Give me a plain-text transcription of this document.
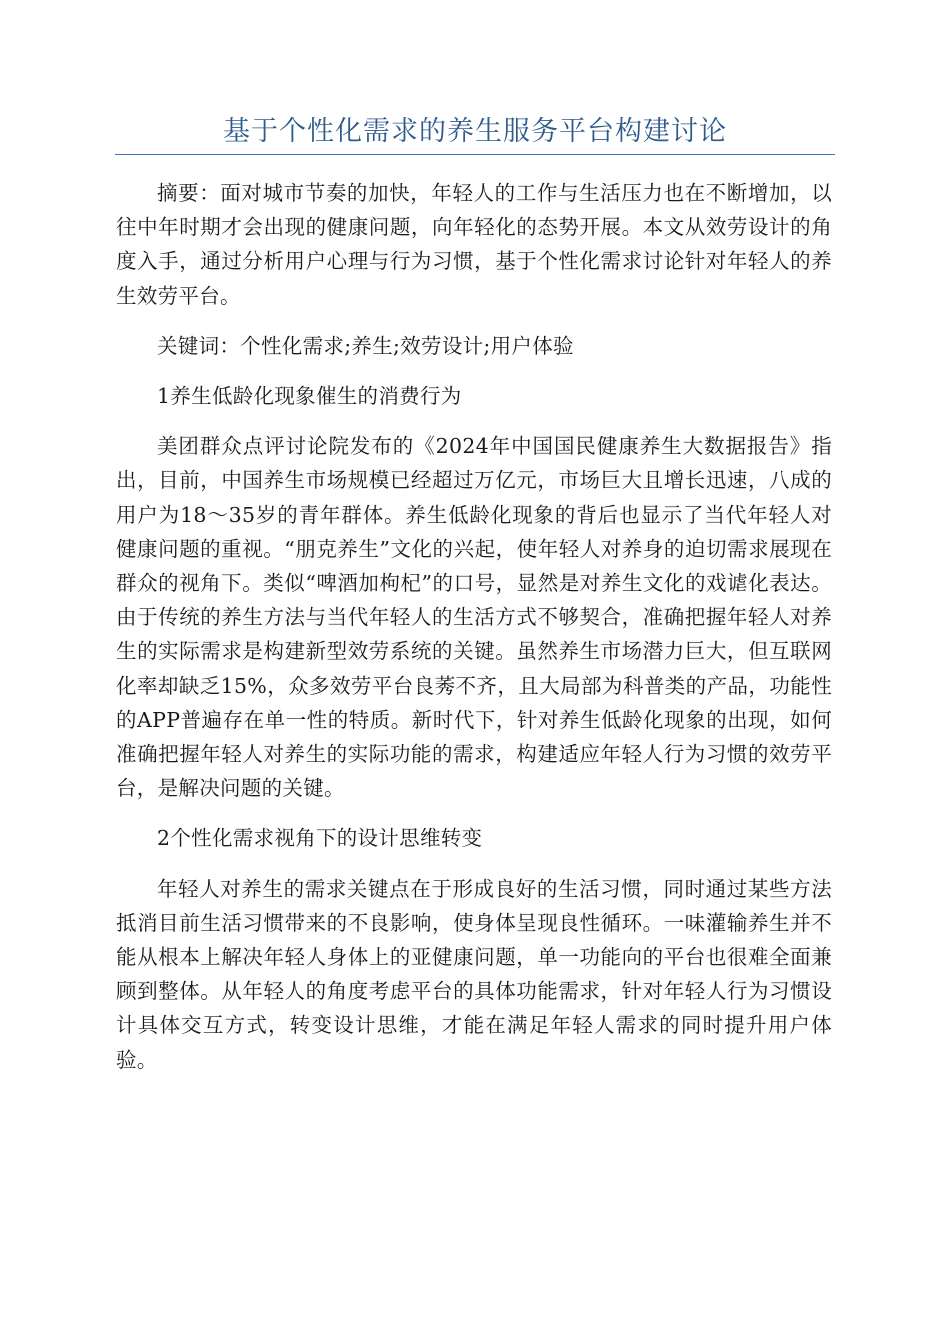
基于个性化需求的养生服务平台构建讨论

摘要：面对城市节奏的加快，年轻人的工作与生活压力也在不断增加，以往中年时期才会出现的健康问题，向年轻化的态势开展。本文从效劳设计的角度入手，通过分析用户心理与行为习惯，基于个性化需求讨论针对年轻人的养生效劳平台。

关键词：个性化需求;养生;效劳设计;用户体验

1养生低龄化现象催生的消费行为

美团群众点评讨论院发布的《2024年中国国民健康养生大数据报告》指出，目前，中国养生市场规模已经超过万亿元，市场巨大且增长迅速，八成的用户为18～35岁的青年群体。养生低龄化现象的背后也显示了当代年轻人对健康问题的重视。“朋克养生”文化的兴起，使年轻人对养身的迫切需求展现在群众的视角下。类似“啤酒加枸杞”的口号，显然是对养生文化的戏谑化表达。由于传统的养生方法与当代年轻人的生活方式不够契合，准确把握年轻人对养生的实际需求是构建新型效劳系统的关键。虽然养生市场潜力巨大，但互联网化率却缺乏15%，众多效劳平台良莠不齐，且大局部为科普类的产品，功能性的APP普遍存在单一性的特质。新时代下，针对养生低龄化现象的出现，如何准确把握年轻人对养生的实际功能的需求，构建适应年轻人行为习惯的效劳平台，是解决问题的关键。

2个性化需求视角下的设计思维转变

年轻人对养生的需求关键点在于形成良好的生活习惯，同时通过某些方法抵消目前生活习惯带来的不良影响，使身体呈现良性循环。一味灌输养生并不能从根本上解决年轻人身体上的亚健康问题，单一功能向的平台也很难全面兼顾到整体。从年轻人的角度考虑平台的具体功能需求，针对年轻人行为习惯设计具体交互方式，转变设计思维，才能在满足年轻人需求的同时提升用户体验。
